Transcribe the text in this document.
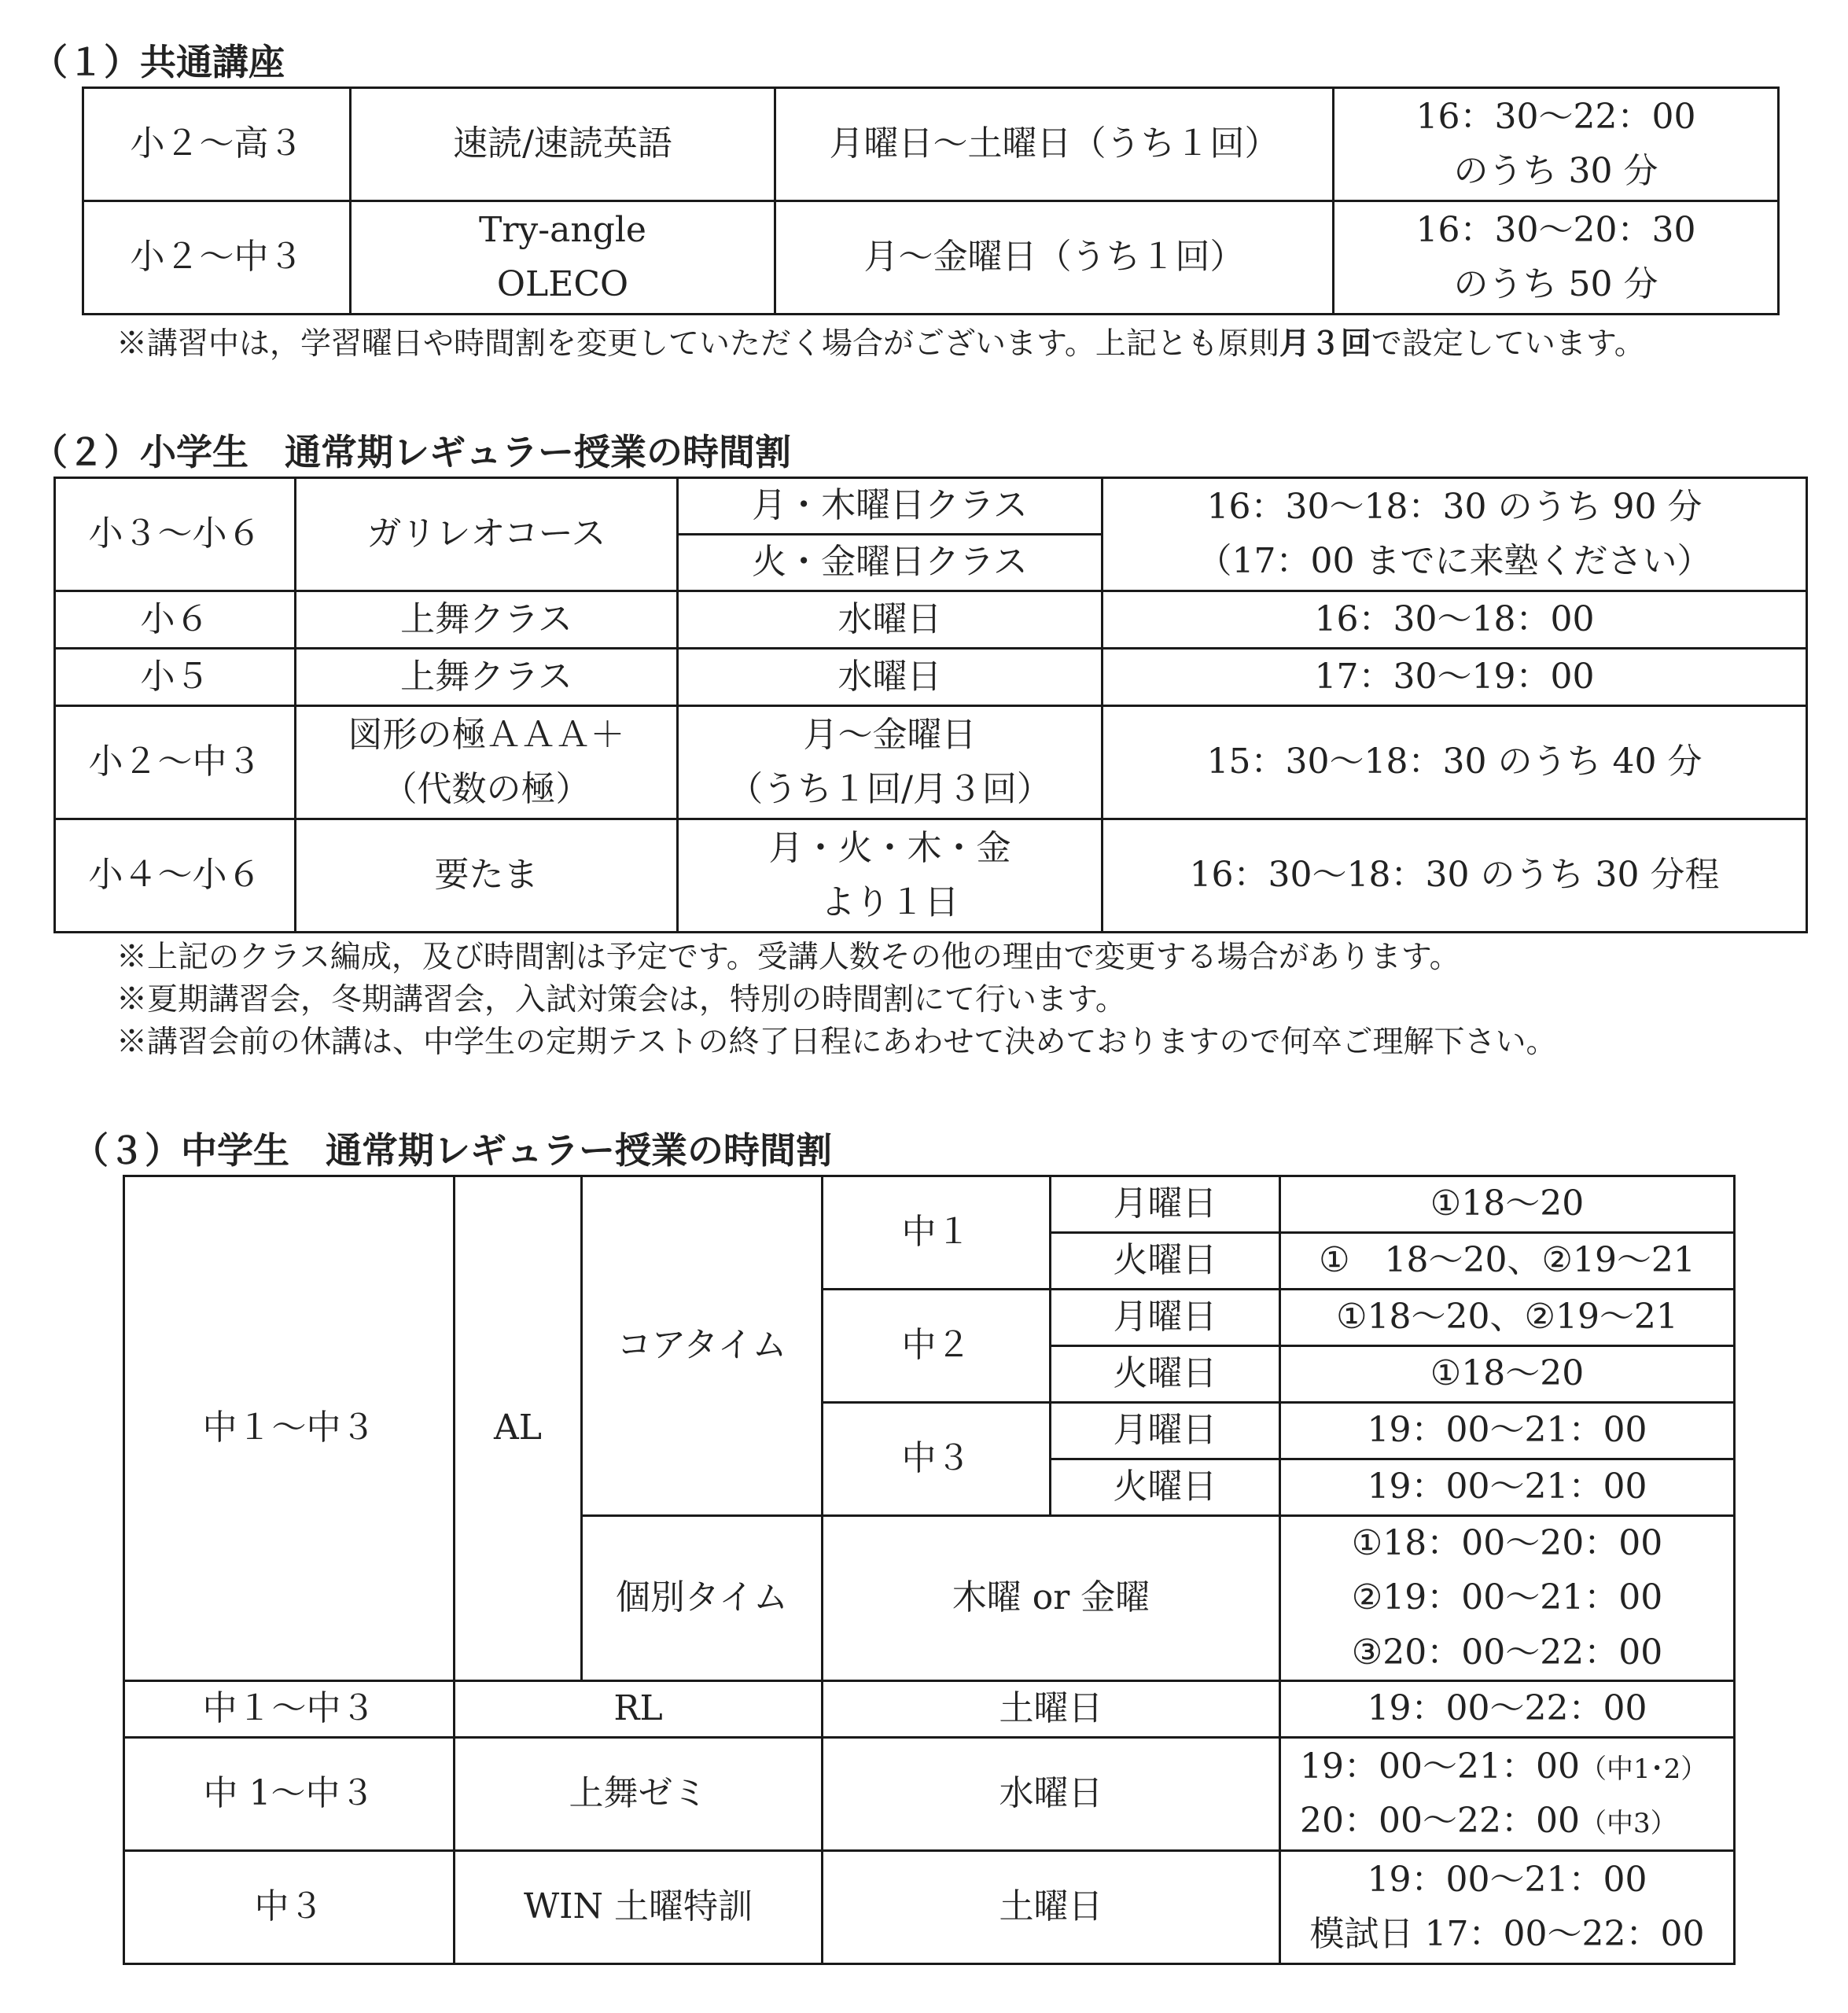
（１）共通講座
小２～高３	速読/速読英語	月曜日～土曜日（うち１回）	16：30～22：00
のうち 30 分

小２～中３	Try-angle
OLECO	月～金曜日（うち１回）	16：30～20：30
のうち 50 分
※講習中は，学習曜日や時間割を変更していただく場合がございます。上記とも原則月３回で設定しています。
（２）小学生　通常期レギュラー授業の時間割
小３～小６	ガリレオコース	月・木曜日クラス	16：30～18：30 のうち 90 分
（17：00 までに来塾ください）

		火・金曜日クラス	
小６	上舞クラス	水曜日	16：30～18：00
小５	上舞クラス	水曜日	17：30～19：00
小２～中３	図形の極ＡＡＡ＋
（代数の極）	月～金曜日
（うち１回/月３回）	15：30～18：30 のうち 40 分
小４～小６	要たま	月・火・木・金
より１日	16：30～18：30 のうち 30 分程
※上記のクラス編成，及び時間割は予定です。受講人数その他の理由で変更する場合があります。
※夏期講習会，冬期講習会，入試対策会は，特別の時間割にて行います。
※講習会前の休講は、中学生の定期テストの終了日程にあわせて決めておりますので何卒ご理解下さい。
（３）中学生　通常期レギュラー授業の時間割
中１～中３	AL	コアタイム	中１	月曜日	①18～20
				火曜日	①　18～20、②19～21
			中２	月曜日	①18～20、②19～21
				火曜日	①18～20
			中３	月曜日	19：00～21：00
				火曜日	19：00～21：00
		個別タイム	木曜 or 金曜		①18：00～20：00
					②19：00～21：00
					③20：00～22：00
中１～中３	RL		土曜日		19：00～22：00
中 1～中３	上舞ゼミ		水曜日		19：00～21：00（中1･2）
20：00～22：00（中3）

中３	WIN 土曜特訓		土曜日		19：00～21：00
模試日 17：00～22：00
